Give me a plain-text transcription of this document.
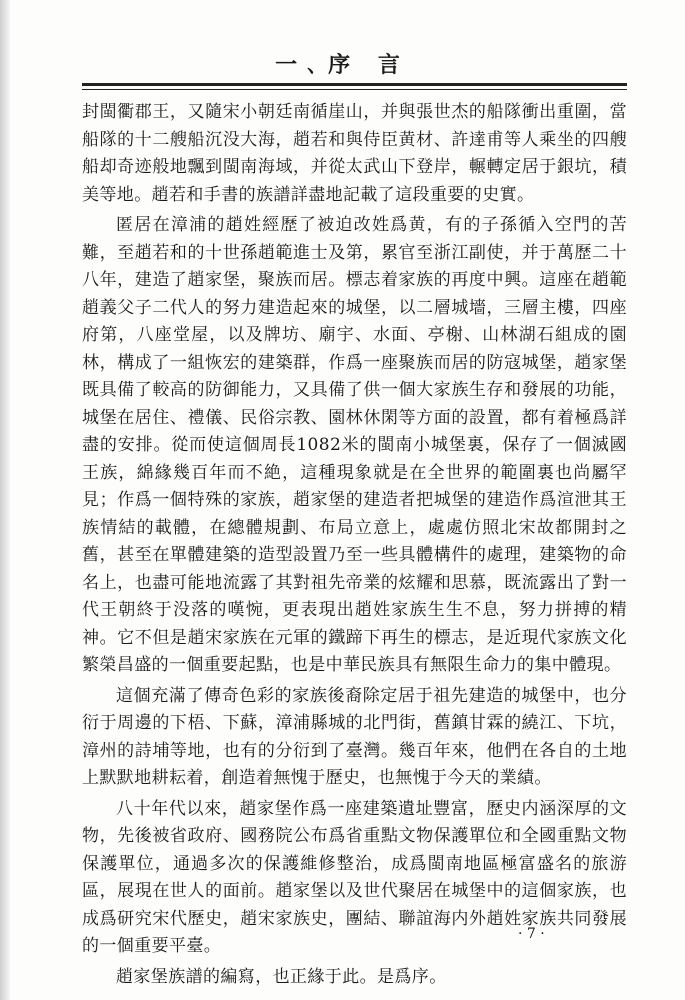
一､序 言

封閩衢郡王，又隨宋小朝廷南循崖山，并與張世杰的船隊衝出重圍，當船隊的十二艘船沉没大海，趙若和與侍臣黄材、許達甫等人乘坐的四艘船却奇迹般地飄到閩南海域，并從太武山下登岸，輾轉定居于銀坑，積美等地。趙若和手書的族譜詳盡地記載了這段重要的史實。

匿居在漳浦的趙姓經歷了被迫改姓爲黄，有的子孫循入空門的苦難，至趙若和的十世孫趙範進士及第，累官至浙江副使，并于萬歷二十八年，建造了趙家堡，聚族而居。標志着家族的再度中興。這座在趙範趙義父子二代人的努力建造起來的城堡，以二層城墻，三層主樓，四座府第，八座堂屋，以及牌坊、廟宇、水面、亭榭、山林湖石組成的園林，構成了一組恢宏的建築群，作爲一座聚族而居的防寇城堡，趙家堡既具備了較高的防御能力，又具備了供一個大家族生存和發展的功能，城堡在居住、禮儀、民俗宗教、園林休閑等方面的設置，都有着極爲詳盡的安排。從而使這個周長1082米的閩南小城堡裏，保存了一個滅國王族，綿緣幾百年而不絶，這種現象就是在全世界的範圍裏也尚屬罕見；作爲一個特殊的家族，趙家堡的建造者把城堡的建造作爲渲泄其王族情結的載體，在總體規劃、布局立意上，處處仿照北宋故都開封之舊，甚至在單體建築的造型設置乃至一些具體構件的處理，建築物的命名上，也盡可能地流露了其對祖先帝業的炫耀和思慕，既流露出了對一代王朝終于没落的嘆惋，更表現出趙姓家族生生不息，努力拼搏的精神。它不但是趙宋家族在元軍的鐵蹄下再生的標志，是近現代家族文化繁榮昌盛的一個重要起點，也是中華民族具有無限生命力的集中體現。

這個充滿了傳奇色彩的家族後裔除定居于祖先建造的城堡中，也分衍于周邊的下梧、下蘇，漳浦縣城的北門街，舊鎮甘霖的繞江、下坑，漳州的詩埔等地，也有的分衍到了臺灣。幾百年來，他們在各自的土地上默默地耕耘着，創造着無愧于歷史，也無愧于今天的業績。

八十年代以來，趙家堡作爲一座建築遺址豐富，歷史内涵深厚的文物，先後被省政府、國務院公布爲省重點文物保護單位和全國重點文物保護單位，通過多次的保護維修整治，成爲閩南地區極富盛名的旅游區，展現在世人的面前。趙家堡以及世代聚居在城堡中的這個家族，也成爲研究宋代歷史，趙宋家族史，團結、聯誼海内外趙姓家族共同發展的一個重要平臺。

趙家堡族譜的編寫，也正緣于此。是爲序。

· 7 ·
